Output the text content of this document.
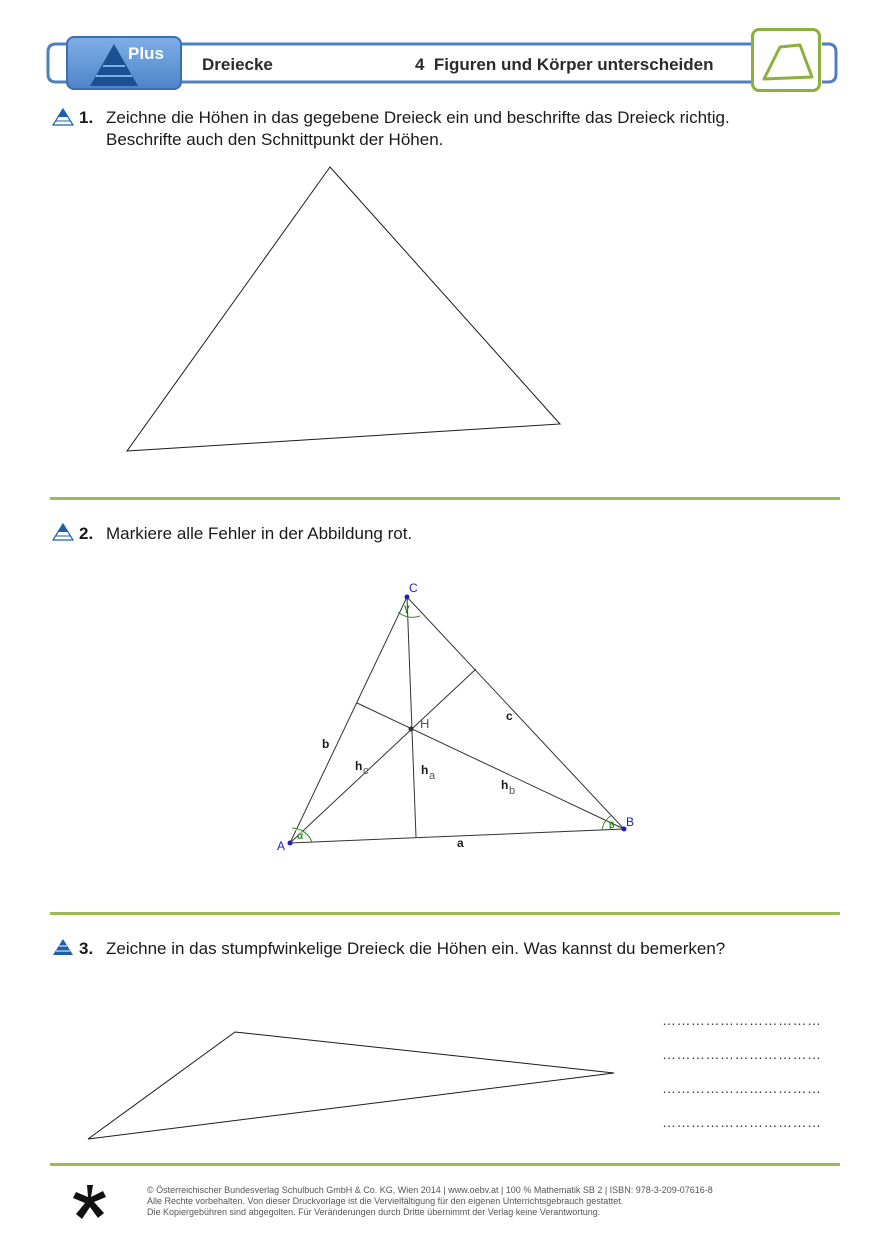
Plus
Dreiecke	4  Figuren und Körper unterscheiden
1. Zeichne die Höhen in das gegebene Dreieck ein und beschrifte das Dreieck richtig.
Beschrifte auch den Schnittpunkt der Höhen.
2. Markiere alle Fehler in der Abbildung rot.
A
B
C
α
β
γ
b
c
a
H
h c	h a
h b
3. Zeichne in das stumpfwinkelige Dreieck die Höhen ein. Was kannst du bemerken?
……………………………
……………………………
……………………………
……………………………
© Österreichischer Bundesverlag Schulbuch GmbH & Co. KG, Wien 2014 | www.oebv.at | 100 % Mathematik SB 2 | ISBN: 978-3-209-07616-8
Alle Rechte vorbehalten. Von dieser Druckvorlage ist die Vervielfältigung für den eigenen Unterrichtsgebrauch gestattet.
Die Kopiergebühren sind abgegolten. Für Veränderungen durch Dritte übernimmt der Verlag keine Verantwortung.
